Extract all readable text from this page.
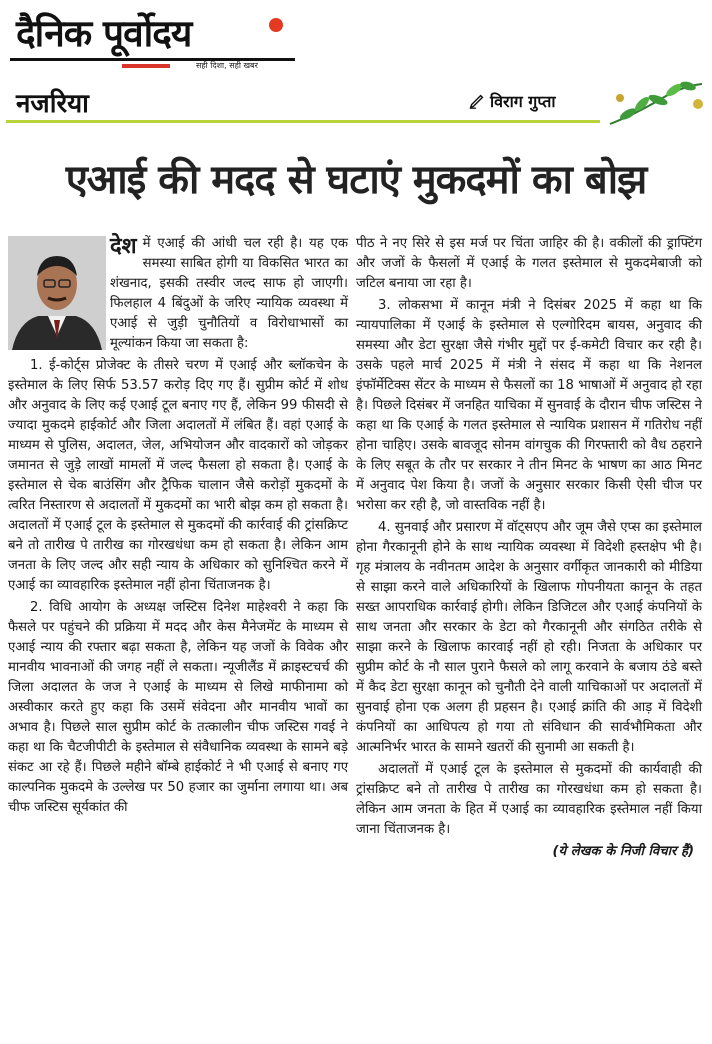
दैनिक पूर्वोदय
सही दिशा, सही खबर
नजरिया	विराग गुप्ता
एआई की मदद से घटाएं मुकदमों का बोझ

देश में एआई की आंधी चल रही है। यह एक समस्या साबित होगी या विकसित भारत का शंखनाद, इसकी तस्वीर जल्द साफ हो जाएगी। फिलहाल 4 बिंदुओं के जरिए न्यायिक व्यवस्था में एआई से जुड़ी चुनौतियों व विरोधाभासों का मूल्यांकन किया जा सकता है:

1. ई-कोर्ट्स प्रोजेक्ट के तीसरे चरण में एआई और ब्लॉकचेन के इस्तेमाल के लिए सिर्फ 53.57 करोड़ दिए गए हैं। सुप्रीम कोर्ट में शोध और अनुवाद के लिए कई एआई टूल बनाए गए हैं, लेकिन 99 फीसदी से ज्यादा मुकदमे हाईकोर्ट और जिला अदालतों में लंबित हैं। वहां एआई के माध्यम से पुलिस, अदालत, जेल, अभियोजन और वादकारों को जोड़कर जमानत से जुड़े लाखों मामलों में जल्द फैसला हो सकता है। एआई के इस्तेमाल से चेक बाउंसिंग और ट्रैफिक चालान जैसे करोड़ों मुकदमों के त्वरित निस्तारण से अदालतों में मुकदमों का भारी बोझ कम हो सकता है। अदालतों में एआई टूल के इस्तेमाल से मुकदमों की कार्रवाई की ट्रांसक्रिप्ट बने तो तारीख पे तारीख का गोरखधंधा कम हो सकता है। लेकिन आम जनता के लिए जल्द और सही न्याय के अधिकार को सुनिश्चित करने में एआई का व्यावहारिक इस्तेमाल नहीं होना चिंताजनक है।

2. विधि आयोग के अध्यक्ष जस्टिस दिनेश माहेश्वरी ने कहा कि फैसले पर पहुंचने की प्रक्रिया में मदद और केस मैनेजमेंट के माध्यम से एआई न्याय की रफ्तार बढ़ा सकता है, लेकिन यह जजों के विवेक और मानवीय भावनाओं की जगह नहीं ले सकता। न्यूजीलैंड में क्राइस्टचर्च की जिला अदालत के जज ने एआई के माध्यम से लिखे माफीनामा को अस्वीकार करते हुए कहा कि उसमें संवेदना और मानवीय भावों का अभाव है। पिछले साल सुप्रीम कोर्ट के तत्कालीन चीफ जस्टिस गवई ने कहा था कि चैटजीपीटी के इस्तेमाल से संवैधानिक व्यवस्था के सामने बड़े संकट आ रहे हैं। पिछले महीने बॉम्बे हाईकोर्ट ने भी एआई से बनाए गए काल्पनिक मुकदमे के उल्लेख पर 50 हजार का जुर्माना लगाया था। अब चीफ जस्टिस सूर्यकांत की

पीठ ने नए सिरे से इस मर्ज पर चिंता जाहिर की है। वकीलों की ड्राफ्टिंग और जजों के फैसलों में एआई के गलत इस्तेमाल से मुकदमेबाजी को जटिल बनाया जा रहा है।

3. लोकसभा में कानून मंत्री ने दिसंबर 2025 में कहा था कि न्यायपालिका में एआई के इस्तेमाल से एल्गोरिदम बायस, अनुवाद की समस्या और डेटा सुरक्षा जैसे गंभीर मुद्दों पर ई-कमेटी विचार कर रही है। उसके पहले मार्च 2025 में मंत्री ने संसद में कहा था कि नेशनल इंफॉर्मेटिक्स सेंटर के माध्यम से फैसलों का 18 भाषाओं में अनुवाद हो रहा है। पिछले दिसंबर में जनहित याचिका में सुनवाई के दौरान चीफ जस्टिस ने कहा था कि एआई के गलत इस्तेमाल से न्यायिक प्रशासन में गतिरोध नहीं होना चाहिए। उसके बावजूद सोनम वांगचुक की गिरफ्तारी को वैध ठहराने के लिए सबूत के तौर पर सरकार ने तीन मिनट के भाषण का आठ मिनट में अनुवाद पेश किया है। जजों के अनुसार सरकार किसी ऐसी चीज पर भरोसा कर रही है, जो वास्तविक नहीं है।

4. सुनवाई और प्रसारण में वॉट्सएप और जूम जैसे एप्स का इस्तेमाल होना गैरकानूनी होने के साथ न्यायिक व्यवस्था में विदेशी हस्तक्षेप भी है। गृह मंत्रालय के नवीनतम आदेश के अनुसार वर्गीकृत जानकारी को मीडिया से साझा करने वाले अधिकारियों के खिलाफ गोपनीयता कानून के तहत सख्त आपराधिक कार्रवाई होगी। लेकिन डिजिटल और एआई कंपनियों के साथ जनता और सरकार के डेटा को गैरकानूनी और संगठित तरीके से साझा करने के खिलाफ कारवाई नहीं हो रही। निजता के अधिकार पर सुप्रीम कोर्ट के नौ साल पुराने फैसले को लागू करवाने के बजाय ठंडे बस्ते में कैद डेटा सुरक्षा कानून को चुनौती देने वाली याचिकाओं पर अदालतों में सुनवाई होना एक अलग ही प्रहसन है। एआई क्रांति की आड़ में विदेशी कंपनियों का आधिपत्य हो गया तो संविधान की सार्वभौमिकता और आत्मनिर्भर भारत के सामने खतरों की सुनामी आ सकती है।

अदालतों में एआई टूल के इस्तेमाल से मुकदमों की कार्यवाही की ट्रांसक्रिप्ट बने तो तारीख पे तारीख का गोरखधंधा कम हो सकता है। लेकिन आम जनता के हित में एआई का व्यावहारिक इस्तेमाल नहीं किया जाना चिंताजनक है।

(ये लेखक के निजी विचार हैं)
